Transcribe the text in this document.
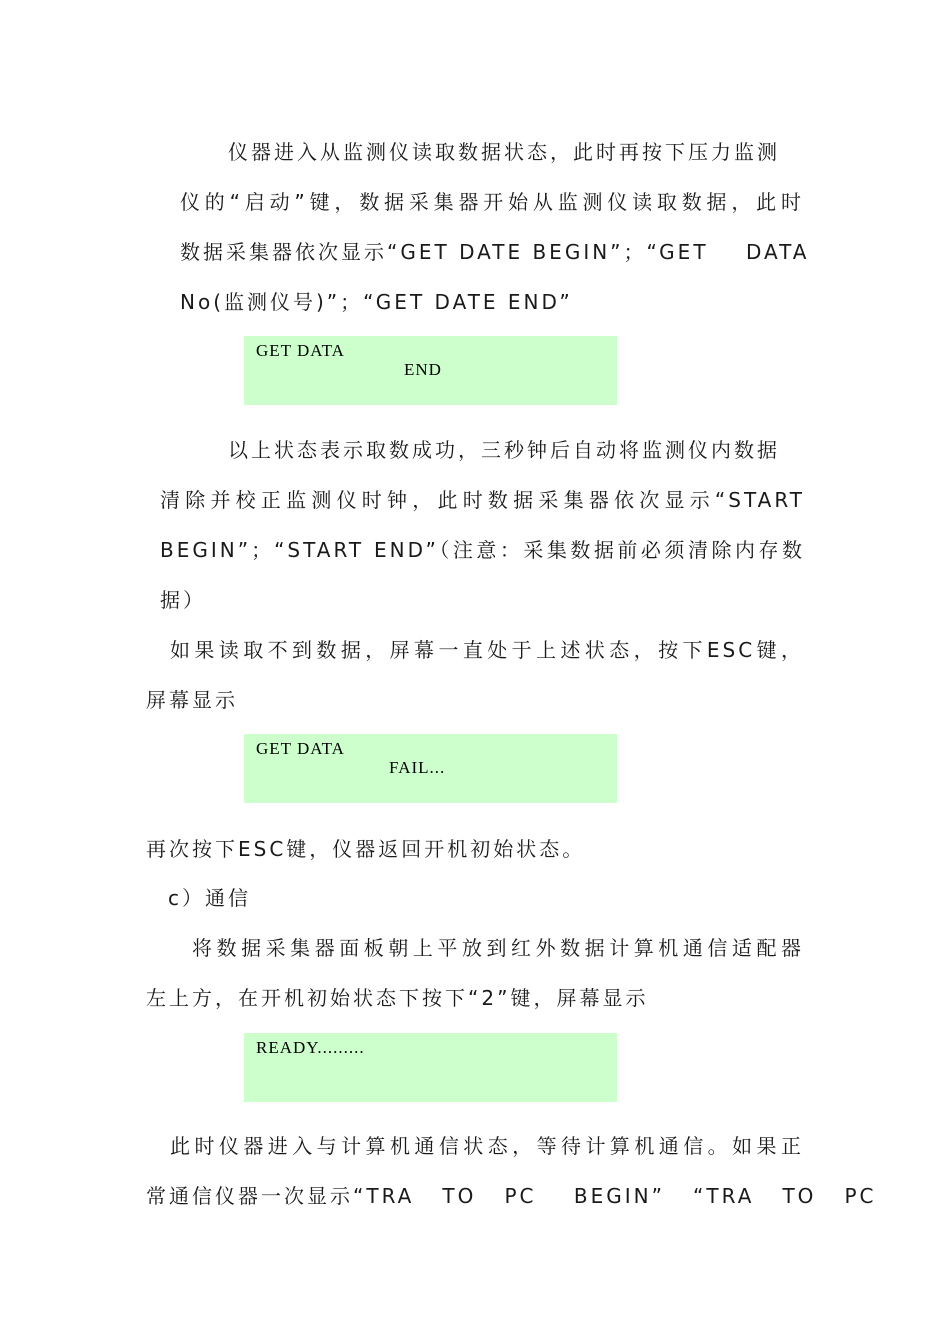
仪器进入从监测仪读取数据状态，此时再按下压力监测
仪的“启动”键，数据采集器开始从监测仪读取数据，此时
数据采集器依次显示“GET DATE BEGIN”；“GET    DATA
No(监测仪号)”；“GET DATE END”
GET DATA
END
以上状态表示取数成功，三秒钟后自动将监测仪内数据
清除并校正监测仪时钟，此时数据采集器依次显示“START
BEGIN”；“START END”（注意：采集数据前必须清除内存数
据）
如果读取不到数据，屏幕一直处于上述状态，按下ESC键，
屏幕显示
GET DATA
FAIL...
再次按下ESC键，仪器返回开机初始状态。
c）通信
将数据采集器面板朝上平放到红外数据计算机通信适配器
左上方，在开机初始状态下按下“2”键，屏幕显示
READY.........
此时仪器进入与计算机通信状态，等待计算机通信。如果正
常通信仪器一次显示“TRA   TO   PC    BEGIN”   “TRA   TO   PC
